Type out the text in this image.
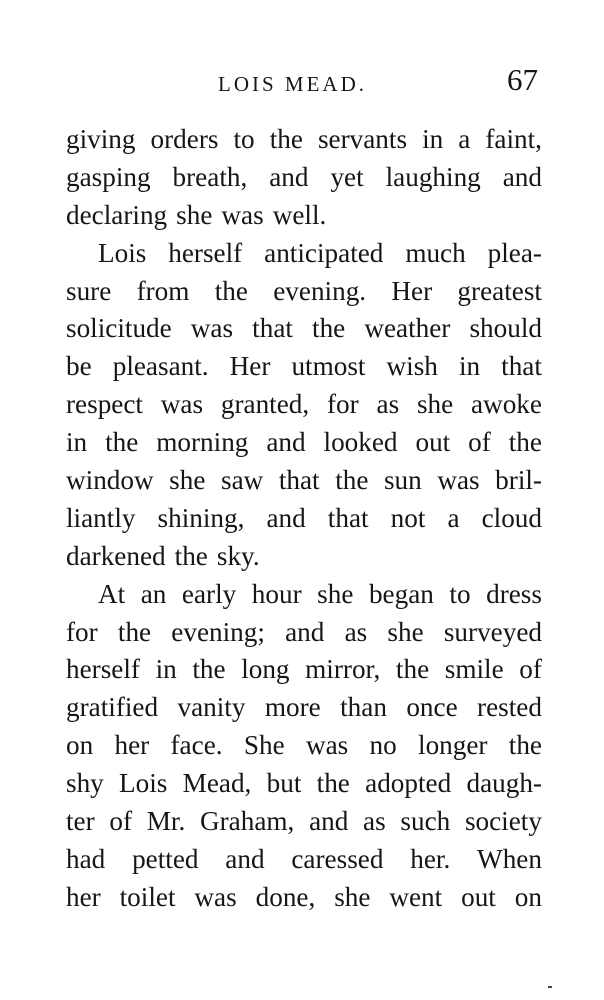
LOIS MEAD.	67
giving orders to the servants in a faint,
gasping breath, and yet laughing and
declaring she was well.
Lois herself anticipated much plea-
sure from the evening. Her greatest
solicitude was that the weather should
be pleasant. Her utmost wish in that
respect was granted, for as she awoke
in the morning and looked out of the
window she saw that the sun was bril-
liantly shining, and that not a cloud
darkened the sky.
At an early hour she began to dress
for the evening; and as she surveyed
herself in the long mirror, the smile of
gratified vanity more than once rested
on her face. She was no longer the
shy Lois Mead, but the adopted daugh-
ter of Mr. Graham, and as such society
had petted and caressed her. When
her toilet was done, she went out on
